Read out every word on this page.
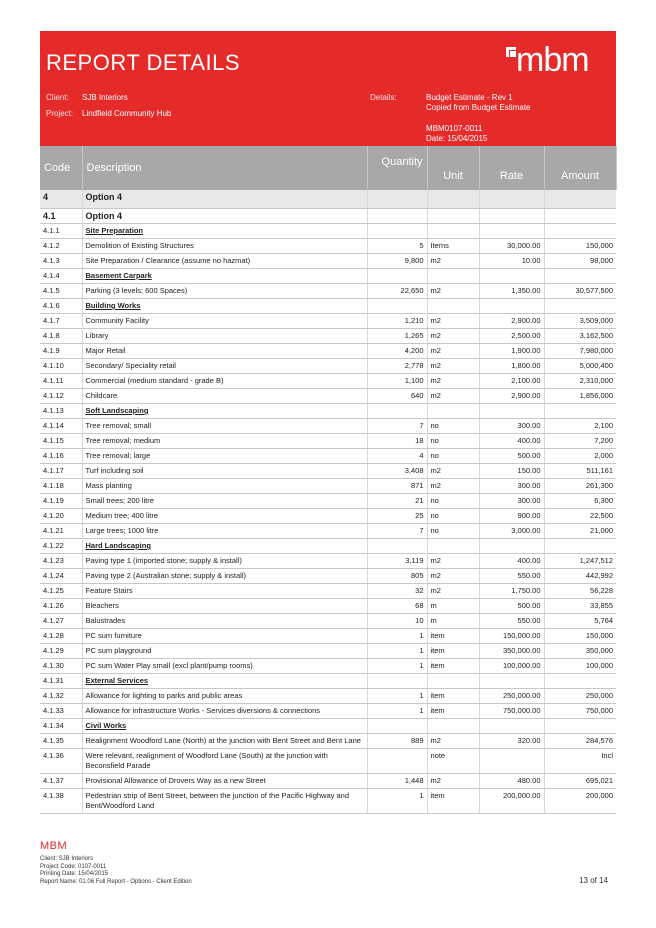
REPORT DETAILS
Client: SJB Interiors
Project: Lindfield Community Hub
Details:	Budget Estimate - Rev 1
Copied from Budget Estimate
MBM0107-0011
Date: 15/04/2015
mbm
Code	Description	Quantity	Unit	Rate	Amount
4	Option 4				
4.1	Option 4				
4.1.1	Site Preparation				
4.1.2	Demolition of Existing Structures	5	Items	30,000.00	150,000
4.1.3	Site Preparation / Clearance (assume no hazmat)	9,800	m2	10.00	98,000
4.1.4	Basement Carpark				
4.1.5	Parking (3 levels; 600 Spaces)	22,650	m2	1,350.00	30,577,500
4.1.6	Building Works				
4.1.7	Community Facility	1,210	m2	2,900.00	3,509,000
4.1.8	Library	1,265	m2	2,500.00	3,162,500
4.1.9	Major Retail	4,200	m2	1,900.00	7,980,000
4.1.10	Secondary/ Speciality retail	2,778	m2	1,800.00	5,000,400
4.1.11	Commercial (medium standard - grade B)	1,100	m2	2,100.00	2,310,000
4.1.12	Childcare	640	m2	2,900.00	1,856,000
4.1.13	Soft Landscaping				
4.1.14	Tree removal; small	7	no	300.00	2,100
4.1.15	Tree removal; medium	18	no	400.00	7,200
4.1.16	Tree removal; large	4	no	500.00	2,000
4.1.17	Turf including soil	3,408	m2	150.00	511,161
4.1.18	Mass planting	871	m2	300.00	261,300
4.1.19	Small trees; 200 litre	21	no	300.00	6,300
4.1.20	Medium tree; 400 litre	25	no	900.00	22,500
4.1.21	Large trees; 1000 litre	7	no	3,000.00	21,000
4.1.22	Hard Landscaping				
4.1.23	Paving type 1 (imported stone; supply & install)	3,119	m2	400.00	1,247,512
4.1.24	Paving type 2 (Australian stone; supply & install)	805	m2	550.00	442,992
4.1.25	Feature Stairs	32	m2	1,750.00	56,228
4.1.26	Bleachers	68	m	500.00	33,855
4.1.27	Balustrades	10	m	550.00	5,764
4.1.28	PC sum furniture	1	item	150,000.00	150,000
4.1.29	PC sum playground	1	item	350,000.00	350,000
4.1.30	PC sum Water Play small (excl plant/pump rooms)	1	item	100,000.00	100,000
4.1.31	External Services				
4.1.32	Allowance for lighting to parks and public areas	1	item	250,000.00	250,000
4.1.33	Allowance for infrastructure Works - Services diversions & connections	1	item	750,000.00	750,000
4.1.34	Civil Works				
4.1.35	Realignment Woodford Lane (North) at the junction with Bent Street and Bent Lane	889	m2	320.00	284,576
4.1.36	Were relevant, realignment of Woodford Lane (South) at the junction with Beconsfield Parade		note		Incl
4.1.37	Provisional Allowance of Drovers Way as a new Street	1,448	m2	480.00	695,021
4.1.38	Pedestrian strip of Bent Street, between the junction of the Pacific Highway and Bent/Woodford Land	1	item	200,000.00	200,000
MBM
Client: SJB Interiors
Project Code: 0107-0011
Printing Date: 15/04/2015
Report Name: 01.06 Full Report - Options - Client Edition	13 of 14
